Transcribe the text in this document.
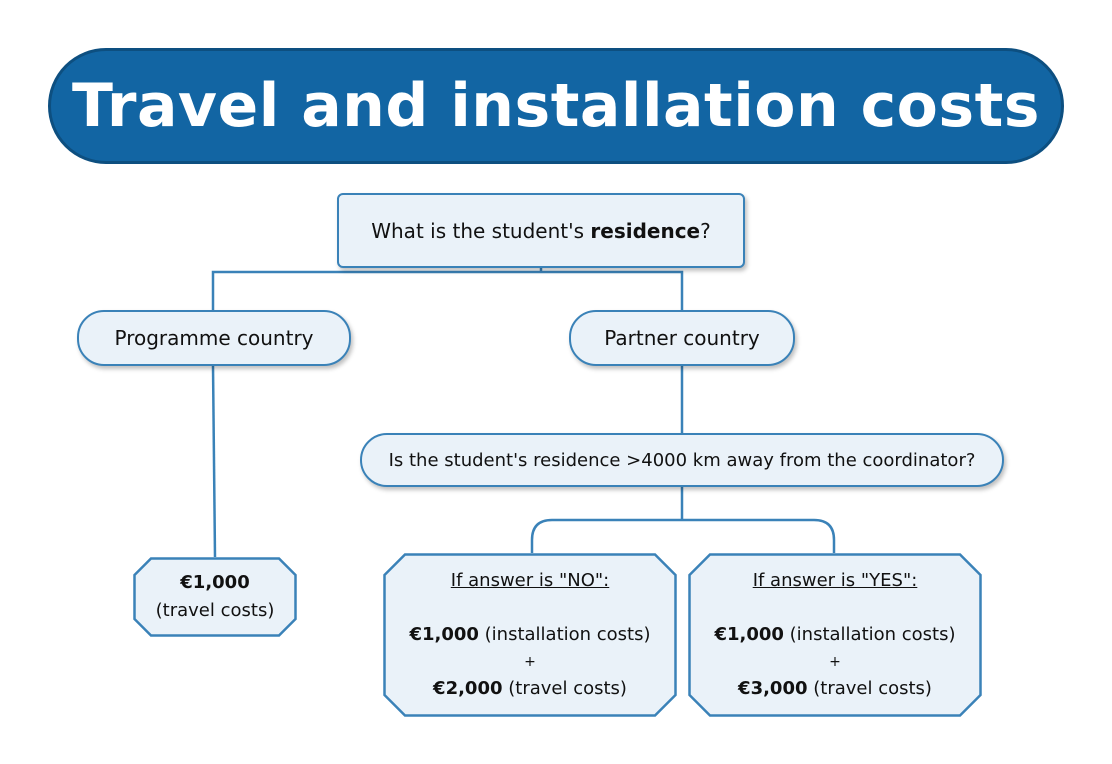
Travel and installation costs
What is the student's residence?
Programme country	Partner country
Is the student's residence >4000 km away from the coordinator?
€1,000
(travel costs)
If answer is "NO":
€1,000 (installation costs)
+
€2,000 (travel costs)
If answer is "YES":
€1,000 (installation costs)
+
€3,000 (travel costs)
